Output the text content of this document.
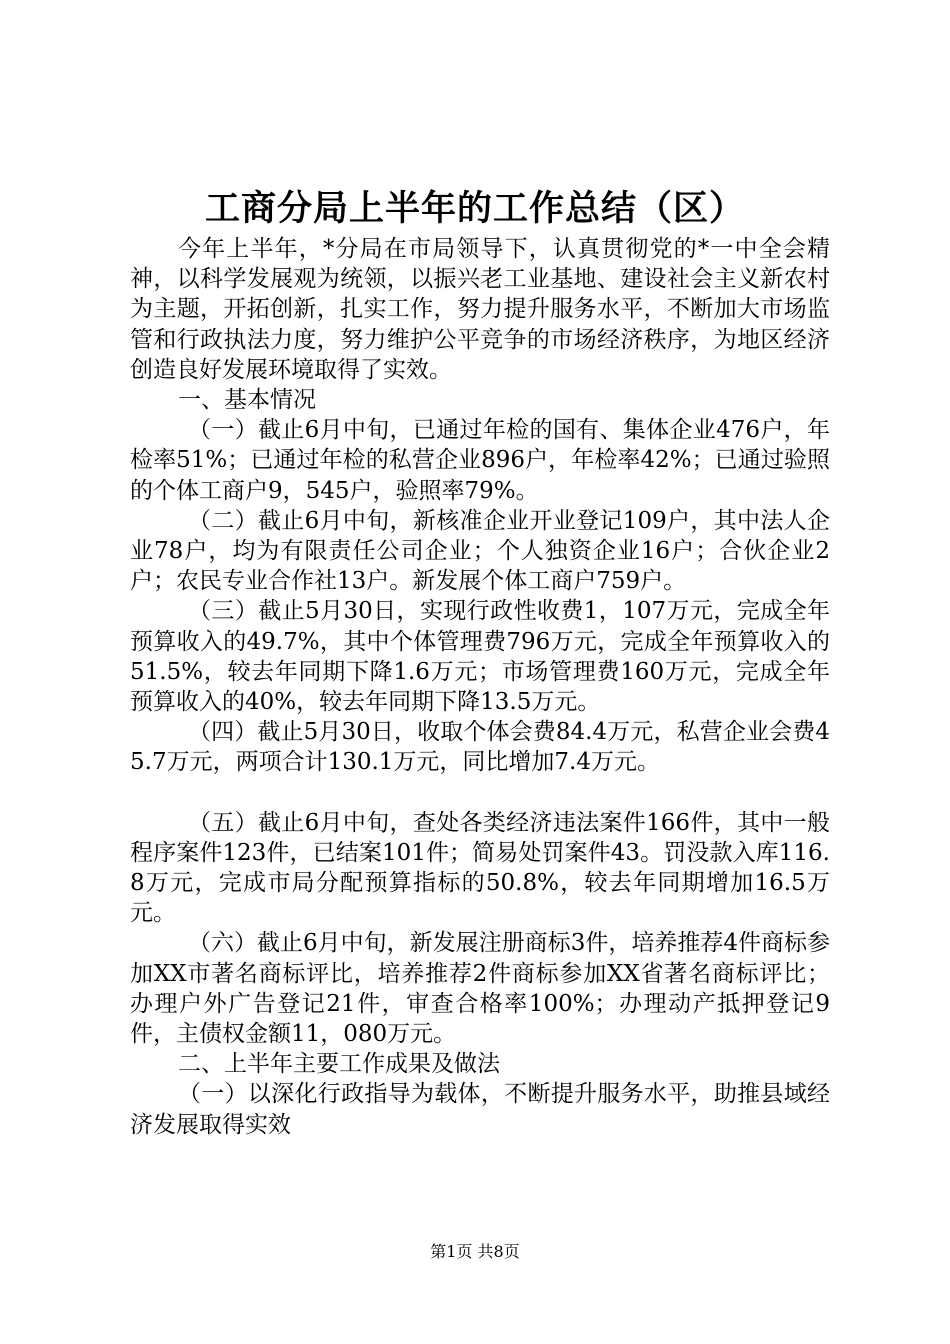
工商分局上半年的工作总结（区）

今年上半年，*分局在市局领导下，认真贯彻党的*一中全会精神，以科学发展观为统领，以振兴老工业基地、建设社会主义新农村为主题，开拓创新，扎实工作，努力提升服务水平，不断加大市场监管和行政执法力度，努力维护公平竞争的市场经济秩序，为地区经济创造良好发展环境取得了实效。

一、基本情况

（一）截止6月中旬，已通过年检的国有、集体企业476户，年检率51%；已通过年检的私营企业896户，年检率42%；已通过验照的个体工商户9，545户，验照率79%。

（二）截止6月中旬，新核准企业开业登记109户，其中法人企业78户，均为有限责任公司企业；个人独资企业16户；合伙企业2户；农民专业合作社13户。新发展个体工商户759户。

（三）截止5月30日，实现行政性收费1，107万元，完成全年预算收入的49.7%，其中个体管理费796万元，完成全年预算收入的51.5%，较去年同期下降1.6万元；市场管理费160万元，完成全年预算收入的40%，较去年同期下降13.5万元。

（四）截止5月30日，收取个体会费84.4万元，私营企业会费45.7万元，两项合计130.1万元，同比增加7.4万元。

（五）截止6月中旬，查处各类经济违法案件166件，其中一般程序案件123件，已结案101件；简易处罚案件43。罚没款入库116.8万元，完成市局分配预算指标的50.8%，较去年同期增加16.5万元。

（六）截止6月中旬，新发展注册商标3件，培养推荐4件商标参加XX市著名商标评比，培养推荐2件商标参加XX省著名商标评比；办理户外广告登记21件，审查合格率100%；办理动产抵押登记9件，主债权金额11，080万元。

二、上半年主要工作成果及做法

（一）以深化行政指导为载体，不断提升服务水平，助推县域经济发展取得实效

第1页 共8页
